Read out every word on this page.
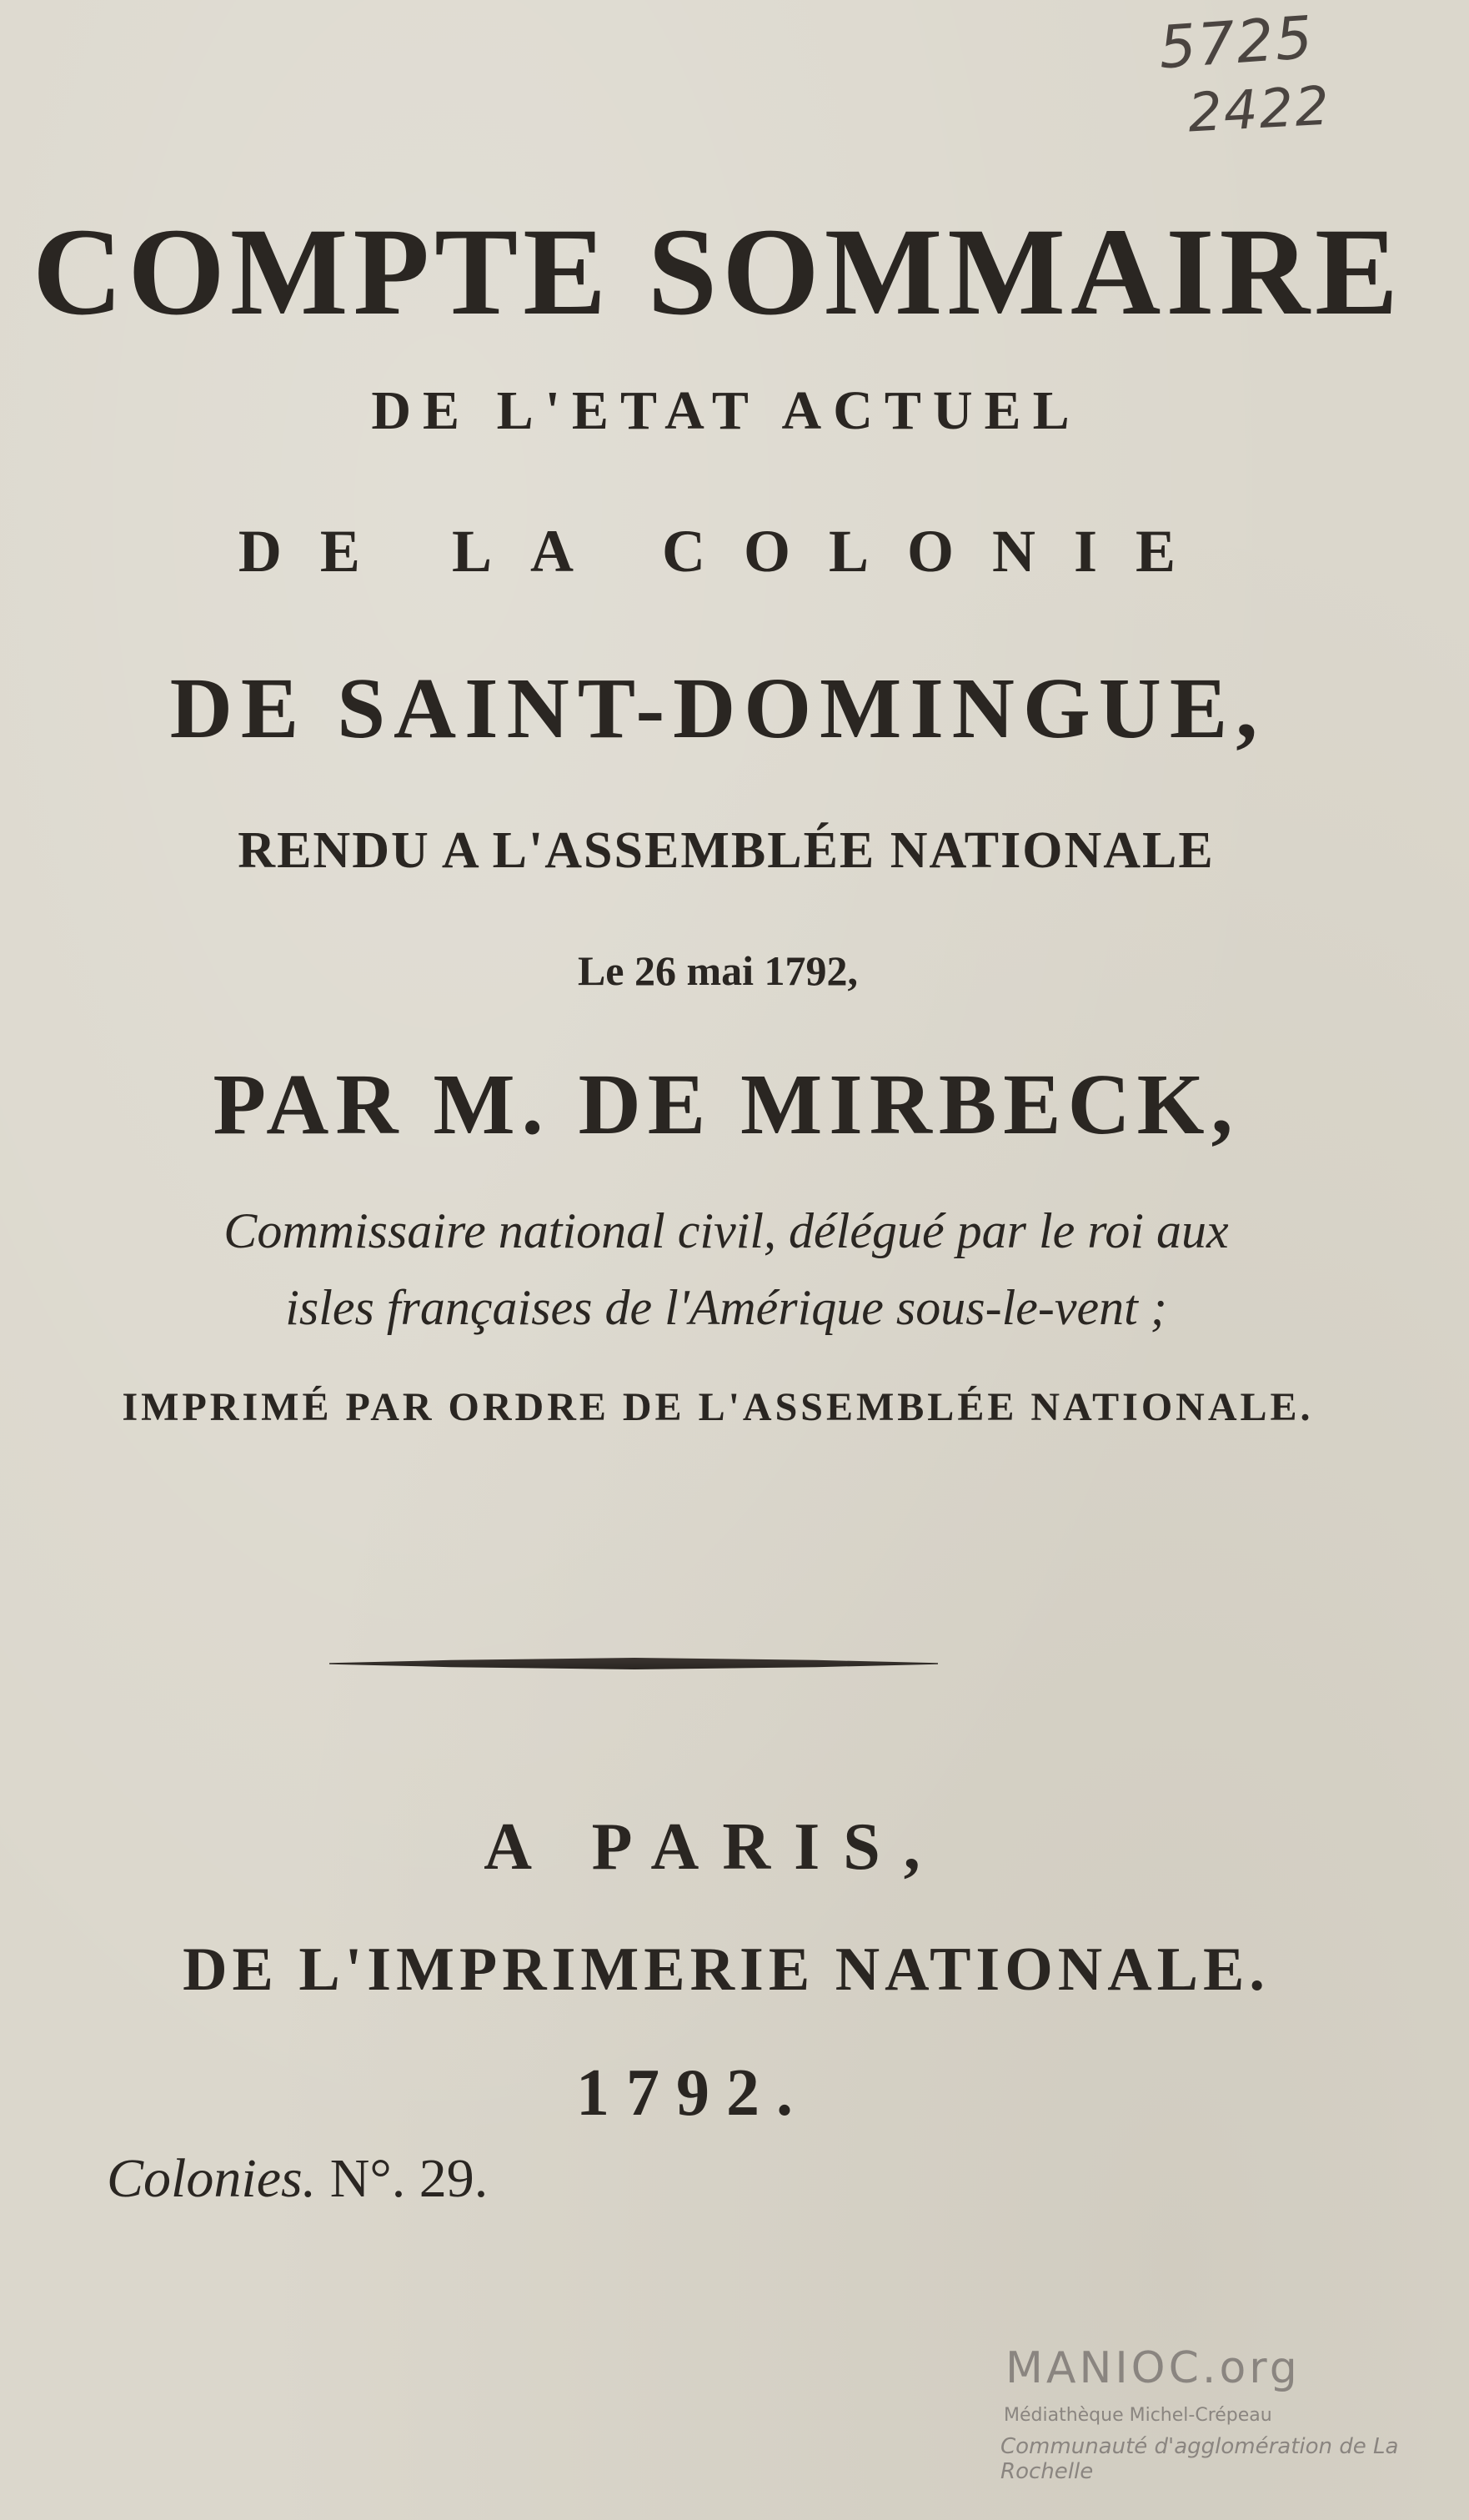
5725
2422
COMPTE SOMMAIRE
DE L'ETAT ACTUEL
DE LA COLONIE
DE SAINT-DOMINGUE,
RENDU A L'ASSEMBLÉE NATIONALE
Le 26 mai 1792,
PAR M. DE MIRBECK,
Commissaire national civil, délégué par le roi aux
isles françaises de l'Amérique sous-le-vent ;
IMPRIMÉ PAR ORDRE DE L'ASSEMBLÉE NATIONALE.
A PARIS,
DE L'IMPRIMERIE NATIONALE.
1792.
Colonies. N°. 29.
MANIOC.org
Médiathèque Michel-Crépeau
Communauté d'agglomération de La Rochelle
